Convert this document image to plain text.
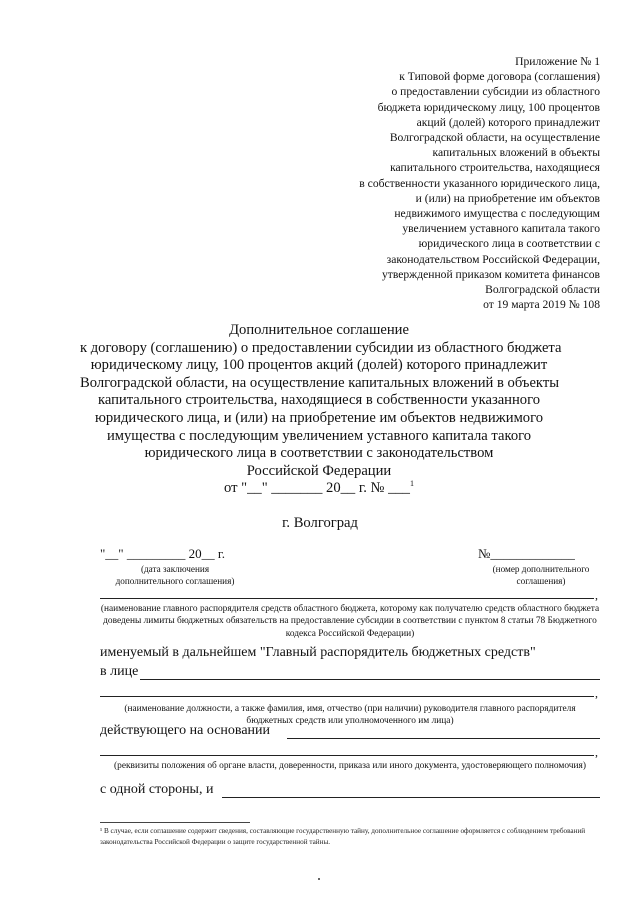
Приложение № 1
к Типовой форме договора (соглашения)
о предоставлении субсидии из областного
бюджета юридическому лицу, 100 процентов
акций (долей) которого принадлежит
Волгоградской области, на осуществление
капитальных вложений в объекты
капитального строительства, находящиеся
в собственности указанного юридического лица,
и (или) на приобретение им объектов
недвижимого имущества с последующим
увеличением уставного капитала такого
юридического лица в соответствии с
законодательством Российской Федерации,
утвержденной приказом комитета финансов
Волгоградской области
от 19 марта 2019 № 108
Дополнительное соглашение
к договору (соглашению) о предоставлении субсидии из областного бюджета
юридическому лицу, 100 процентов акций (долей) которого принадлежит
Волгоградской области, на осуществление капитальных вложений в объекты
капитального строительства, находящиеся в собственности указанного
юридического лица, и (или) на приобретение им объектов недвижимого
имущества с последующим увеличением уставного капитала такого
юридического лица в соответствии с законодательством
Российской Федерации
от "__" _______ 20__ г. № ___$^1$
г. Волгоград
"__" _________ 20__ г.
(дата заключения
дополнительного соглашения)
№_____________
(номер дополнительного
соглашения)
,
(наименование главного распорядителя средств областного бюджета, которому как получателю средств областного бюджета доведены лимиты бюджетных обязательств на предоставление субсидии в соответствии с пунктом 8 статьи 78 Бюджетного кодекса Российской Федерации)
именуемый в дальнейшем "Главный распорядитель бюджетных средств"
в лице
,
(наименование должности, а также фамилия, имя, отчество (при наличии) руководителя главного распорядителя бюджетных средств или уполномоченного им лица)
действующего на основании
,
(реквизиты положения об органе власти, доверенности, приказа или иного документа, удостоверяющего полномочия)
с одной стороны, и
¹ В случае, если соглашение содержит сведения, составляющие государственную тайну, дополнительное соглашение оформляется с соблюдением требований законодательства Российской Федерации о защите государственной тайны.
